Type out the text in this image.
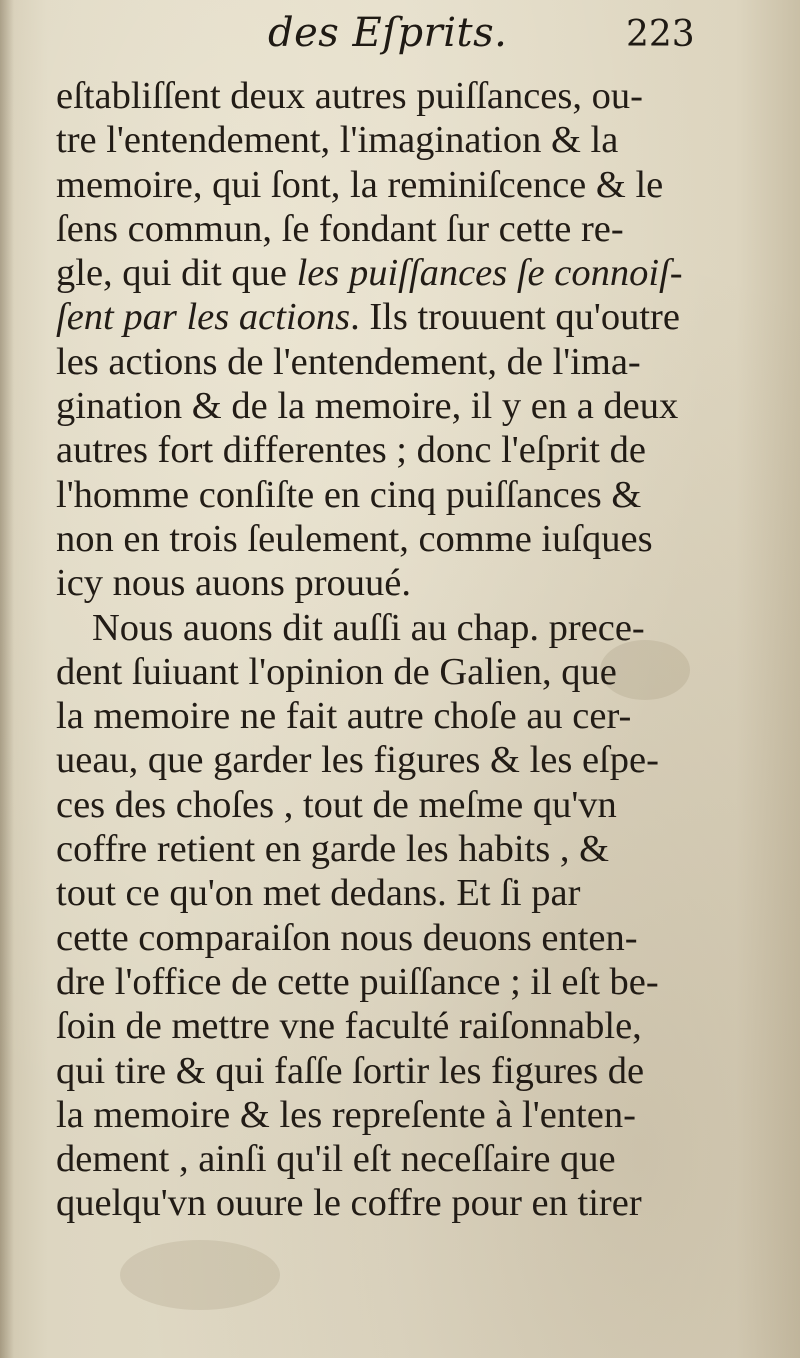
des Eſprits.	223
eſtabliſſent deux autres puiſſances, ou-
tre l'entendement, l'imagination & la
memoire, qui ſont, la reminiſcence & le
ſens commun, ſe fondant ſur cette re-
gle, qui dit que les puiſſances ſe connoiſ-
ſent par les actions. Ils trouuent qu'outre
les actions de l'entendement, de l'ima-
gination & de la memoire, il y en a deux
autres fort differentes ; donc l'eſprit de
l'homme conſiſte en cinq puiſſances &
non en trois ſeulement, comme iuſques
icy nous auons prouué.
Nous auons dit auſſi au chap. prece-
dent ſuiuant l'opinion de Galien, que
la memoire ne fait autre choſe au cer-
ueau, que garder les figures & les eſpe-
ces des choſes , tout de meſme qu'vn
coffre retient en garde les habits , &
tout ce qu'on met dedans. Et ſi par
cette comparaiſon nous deuons enten-
dre l'office de cette puiſſance ; il eſt be-
ſoin de mettre vne faculté raiſonnable,
qui tire & qui faſſe ſortir les figures de
la memoire & les repreſente à l'enten-
dement , ainſi qu'il eſt neceſſaire que
quelqu'vn ouure le coffre pour en tirer
